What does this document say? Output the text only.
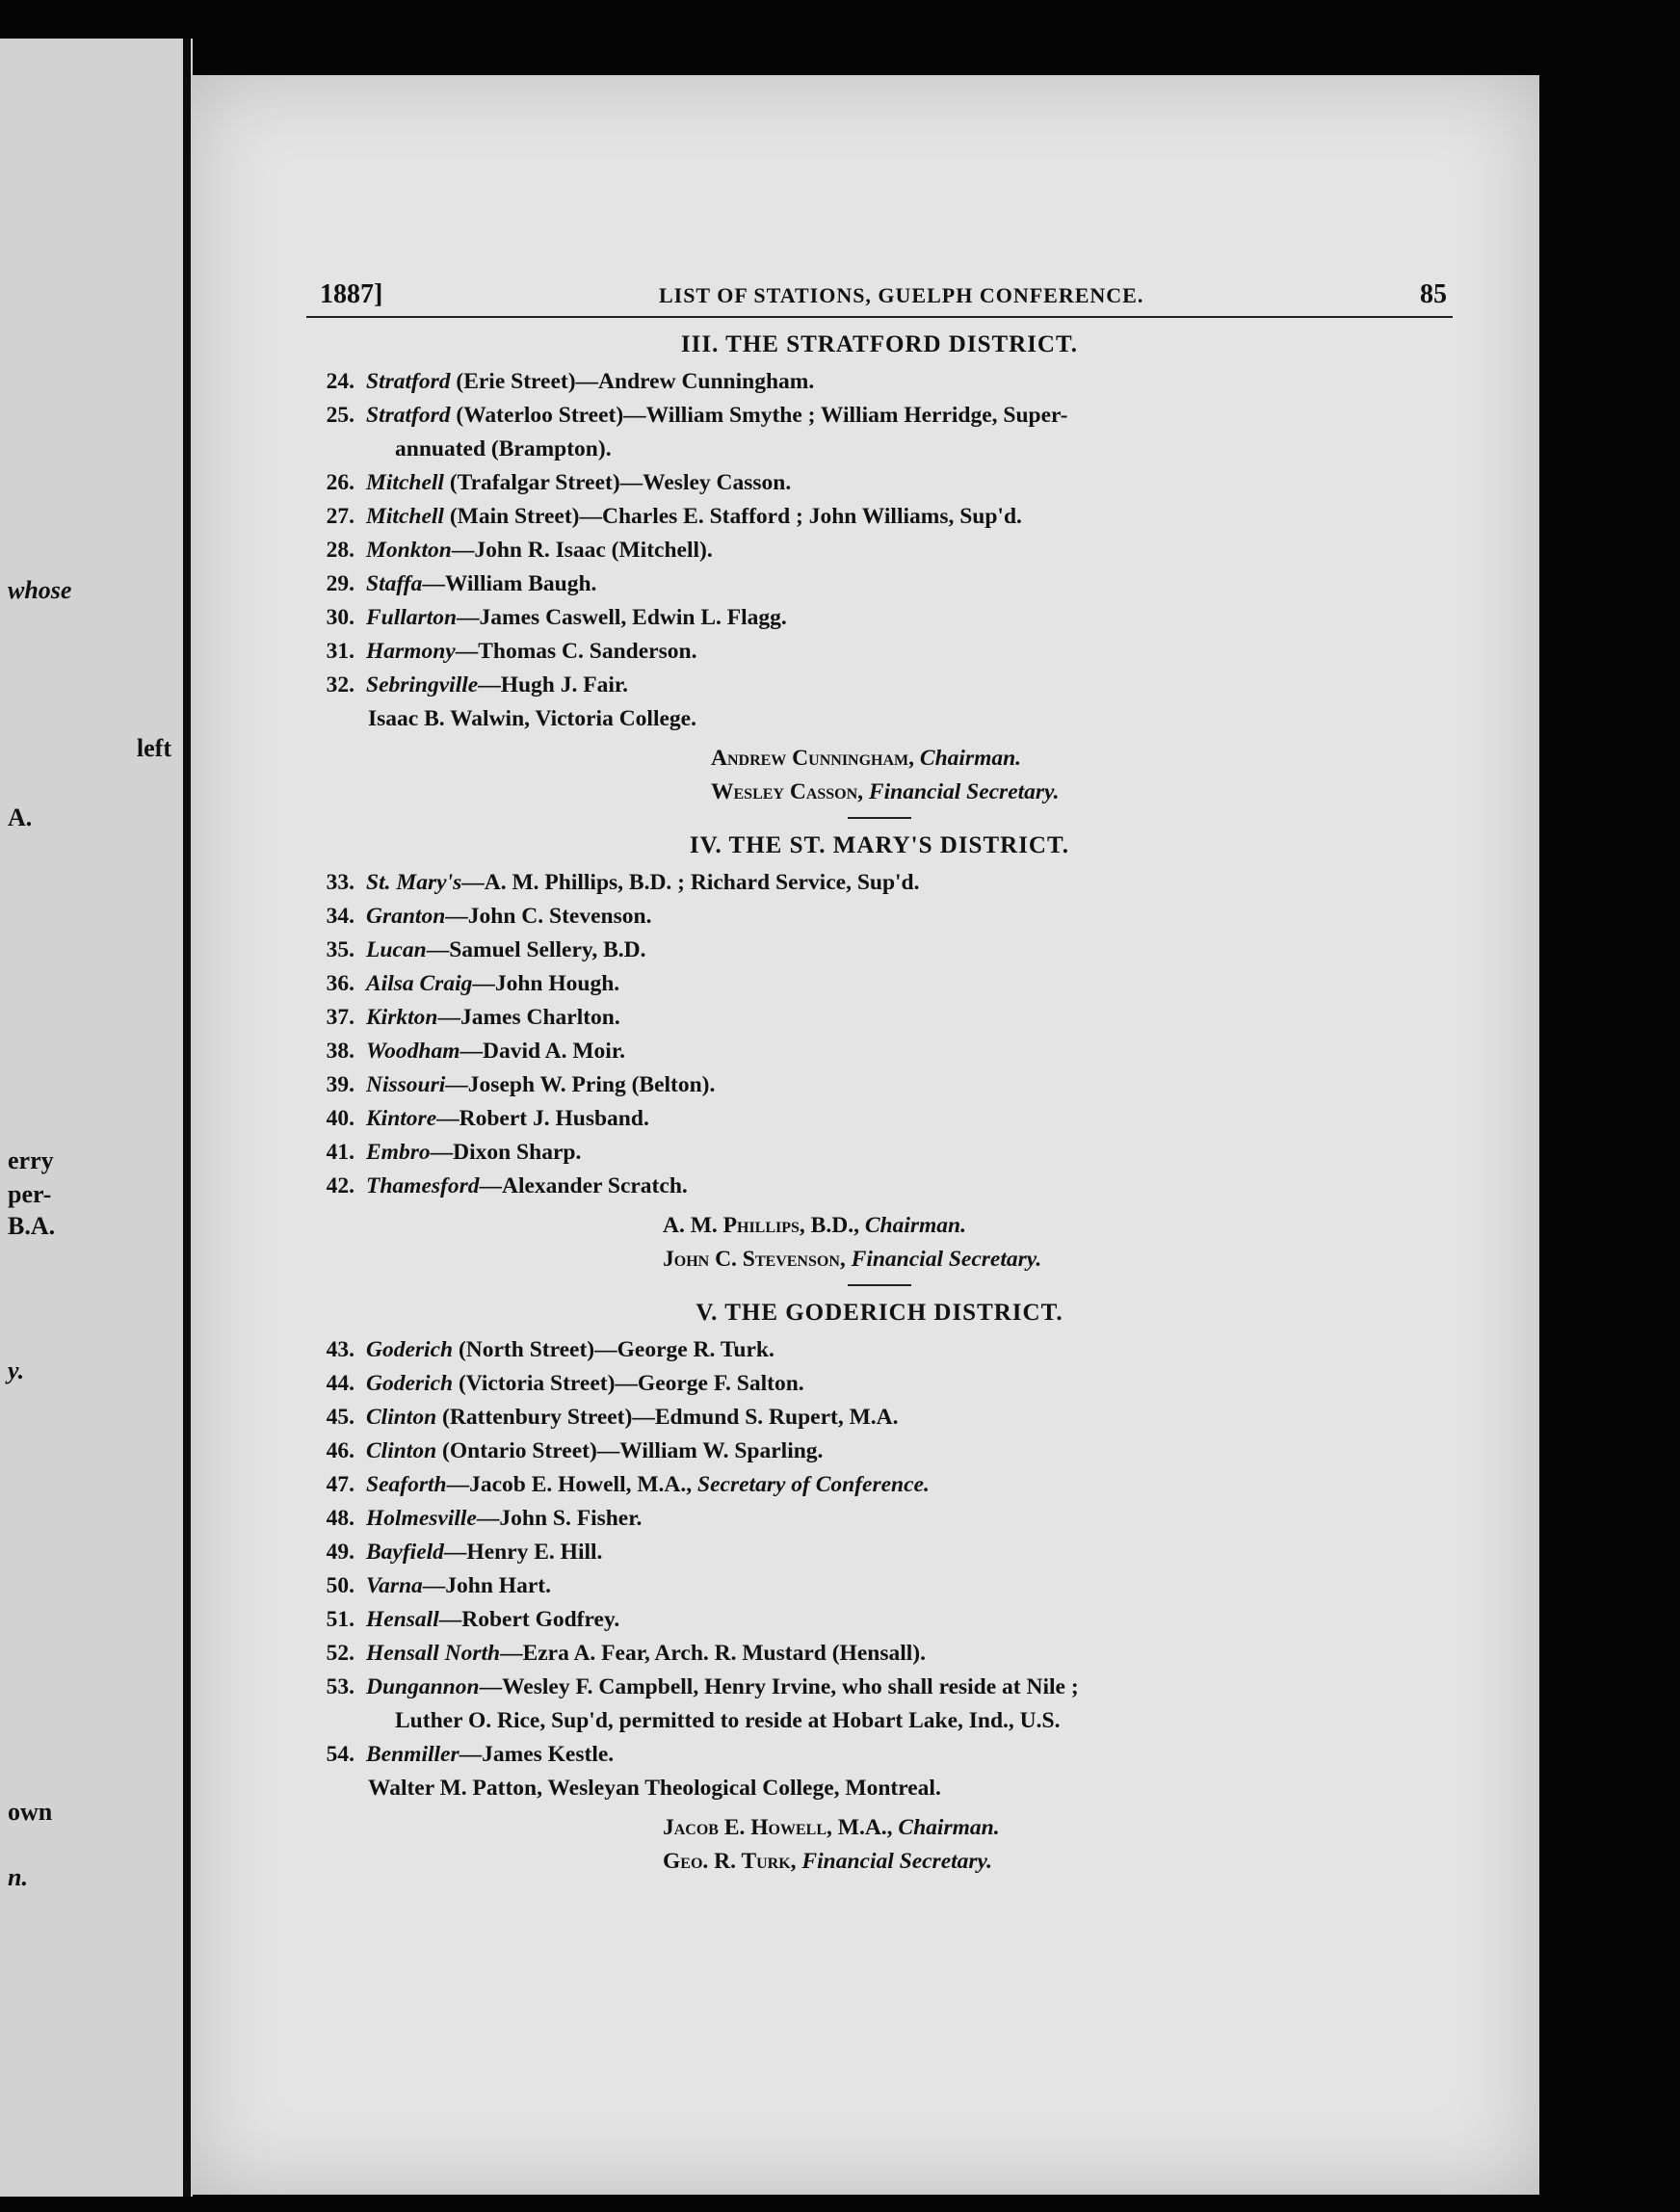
whose
left
A.
erry
per-
B.A.
y.
own
n.
1887]	LIST OF STATIONS, GUELPH CONFERENCE.	85
III. THE STRATFORD DISTRICT.
24. Stratford (Erie Street)—Andrew Cunningham.
25. Stratford (Waterloo Street)—William Smythe ; William Herridge, Super-
annuated (Brampton).
26. Mitchell (Trafalgar Street)—Wesley Casson.
27. Mitchell (Main Street)—Charles E. Stafford ; John Williams, Sup'd.
28. Monkton—John R. Isaac (Mitchell).
29. Staffa—William Baugh.
30. Fullarton—James Caswell, Edwin L. Flagg.
31. Harmony—Thomas C. Sanderson.
32. Sebringville—Hugh J. Fair.
Isaac B. Walwin, Victoria College.
Andrew Cunningham, Chairman.
Wesley Casson, Financial Secretary.
IV. THE ST. MARY'S DISTRICT.
33. St. Mary's—A. M. Phillips, B.D. ; Richard Service, Sup'd.
34. Granton—John C. Stevenson.
35. Lucan—Samuel Sellery, B.D.
36. Ailsa Craig—John Hough.
37. Kirkton—James Charlton.
38. Woodham—David A. Moir.
39. Nissouri—Joseph W. Pring (Belton).
40. Kintore—Robert J. Husband.
41. Embro—Dixon Sharp.
42. Thamesford—Alexander Scratch.
A. M. Phillips, B.D., Chairman.
John C. Stevenson, Financial Secretary.
V. THE GODERICH DISTRICT.
43. Goderich (North Street)—George R. Turk.
44. Goderich (Victoria Street)—George F. Salton.
45. Clinton (Rattenbury Street)—Edmund S. Rupert, M.A.
46. Clinton (Ontario Street)—William W. Sparling.
47. Seaforth—Jacob E. Howell, M.A., Secretary of Conference.
48. Holmesville—John S. Fisher.
49. Bayfield—Henry E. Hill.
50. Varna—John Hart.
51. Hensall—Robert Godfrey.
52. Hensall North—Ezra A. Fear, Arch. R. Mustard (Hensall).
53. Dungannon—Wesley F. Campbell, Henry Irvine, who shall reside at Nile ;
Luther O. Rice, Sup'd, permitted to reside at Hobart Lake, Ind., U.S.
54. Benmiller—James Kestle.
Walter M. Patton, Wesleyan Theological College, Montreal.
Jacob E. Howell, M.A., Chairman.
Geo. R. Turk, Financial Secretary.
